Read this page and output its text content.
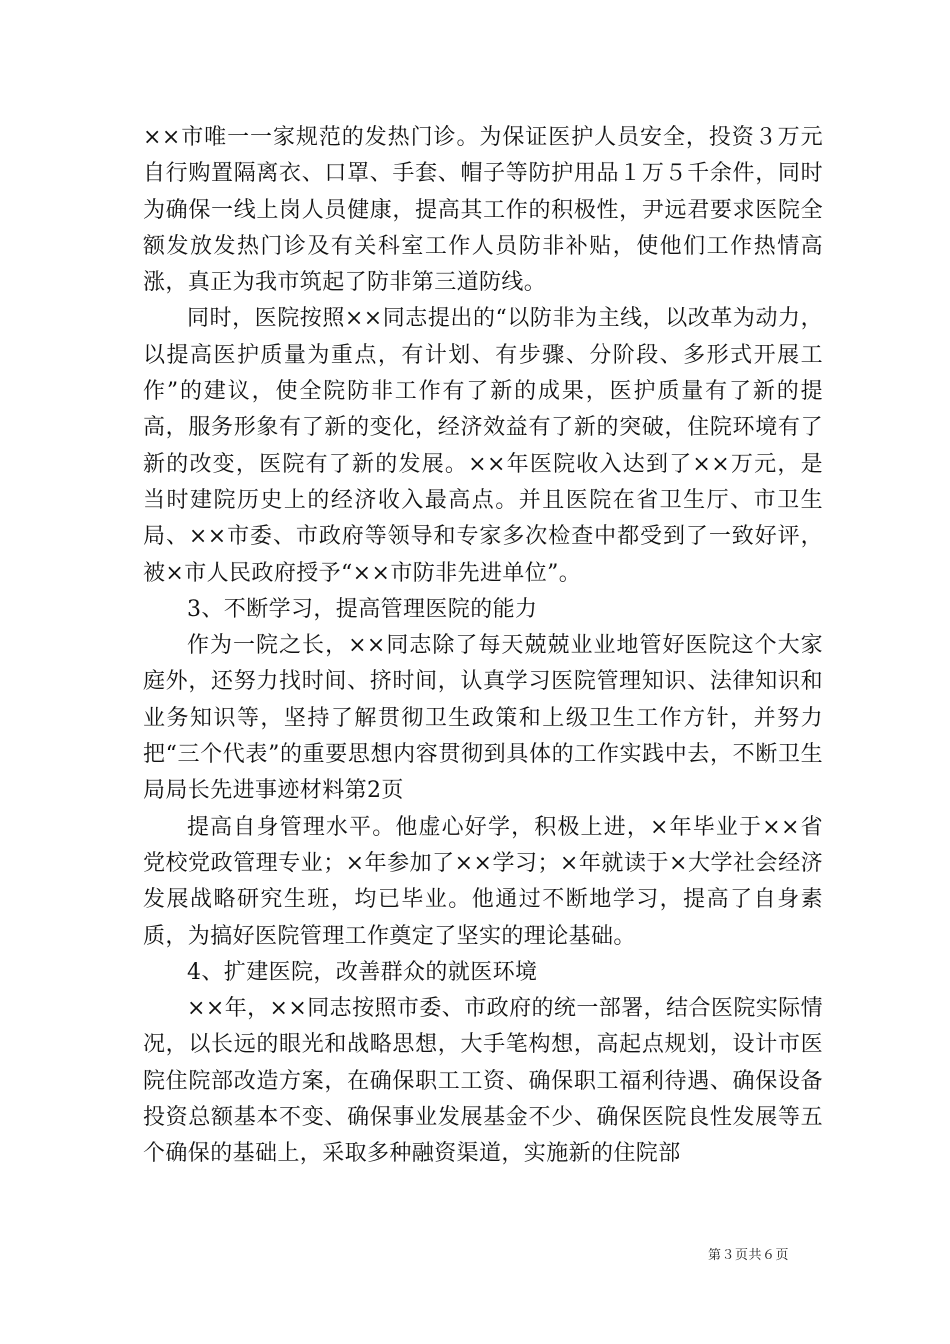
××市唯一一家规范的发热门诊。为保证医护人员安全，投资３万元自行购置隔离衣、口罩、手套、帽子等防护用品１万５千余件，同时为确保一线上岗人员健康，提高其工作的积极性，尹远君要求医院全额发放发热门诊及有关科室工作人员防非补贴，使他们工作热情高涨，真正为我市筑起了防非第三道防线。

同时，医院按照××同志提出的“以防非为主线，以改革为动力，以提高医护质量为重点，有计划、有步骤、分阶段、多形式开展工作”的建议，使全院防非工作有了新的成果，医护质量有了新的提高，服务形象有了新的变化，经济效益有了新的突破，住院环境有了新的改变，医院有了新的发展。××年医院收入达到了××万元，是当时建院历史上的经济收入最高点。并且医院在省卫生厅、市卫生局、××市委、市政府等领导和专家多次检查中都受到了一致好评，被×市人民政府授予“××市防非先进单位”。

3、不断学习，提高管理医院的能力

作为一院之长，××同志除了每天兢兢业业地管好医院这个大家庭外，还努力找时间、挤时间，认真学习医院管理知识、法律知识和业务知识等，坚持了解贯彻卫生政策和上级卫生工作方针，并努力把“三个代表”的重要思想内容贯彻到具体的工作实践中去，不断卫生局局长先进事迹材料第2页

提高自身管理水平。他虚心好学，积极上进，×年毕业于××省党校党政管理专业；×年参加了××学习；×年就读于×大学社会经济发展战略研究生班，均已毕业。他通过不断地学习，提高了自身素质，为搞好医院管理工作奠定了坚实的理论基础。

4、扩建医院，改善群众的就医环境

××年，××同志按照市委、市政府的统一部署，结合医院实际情况，以长远的眼光和战略思想，大手笔构想，高起点规划，设计市医院住院部改造方案，在确保职工工资、确保职工福利待遇、确保设备投资总额基本不变、确保事业发展基金不少、确保医院良性发展等五个确保的基础上，采取多种融资渠道，实施新的住院部

第３页共６页
